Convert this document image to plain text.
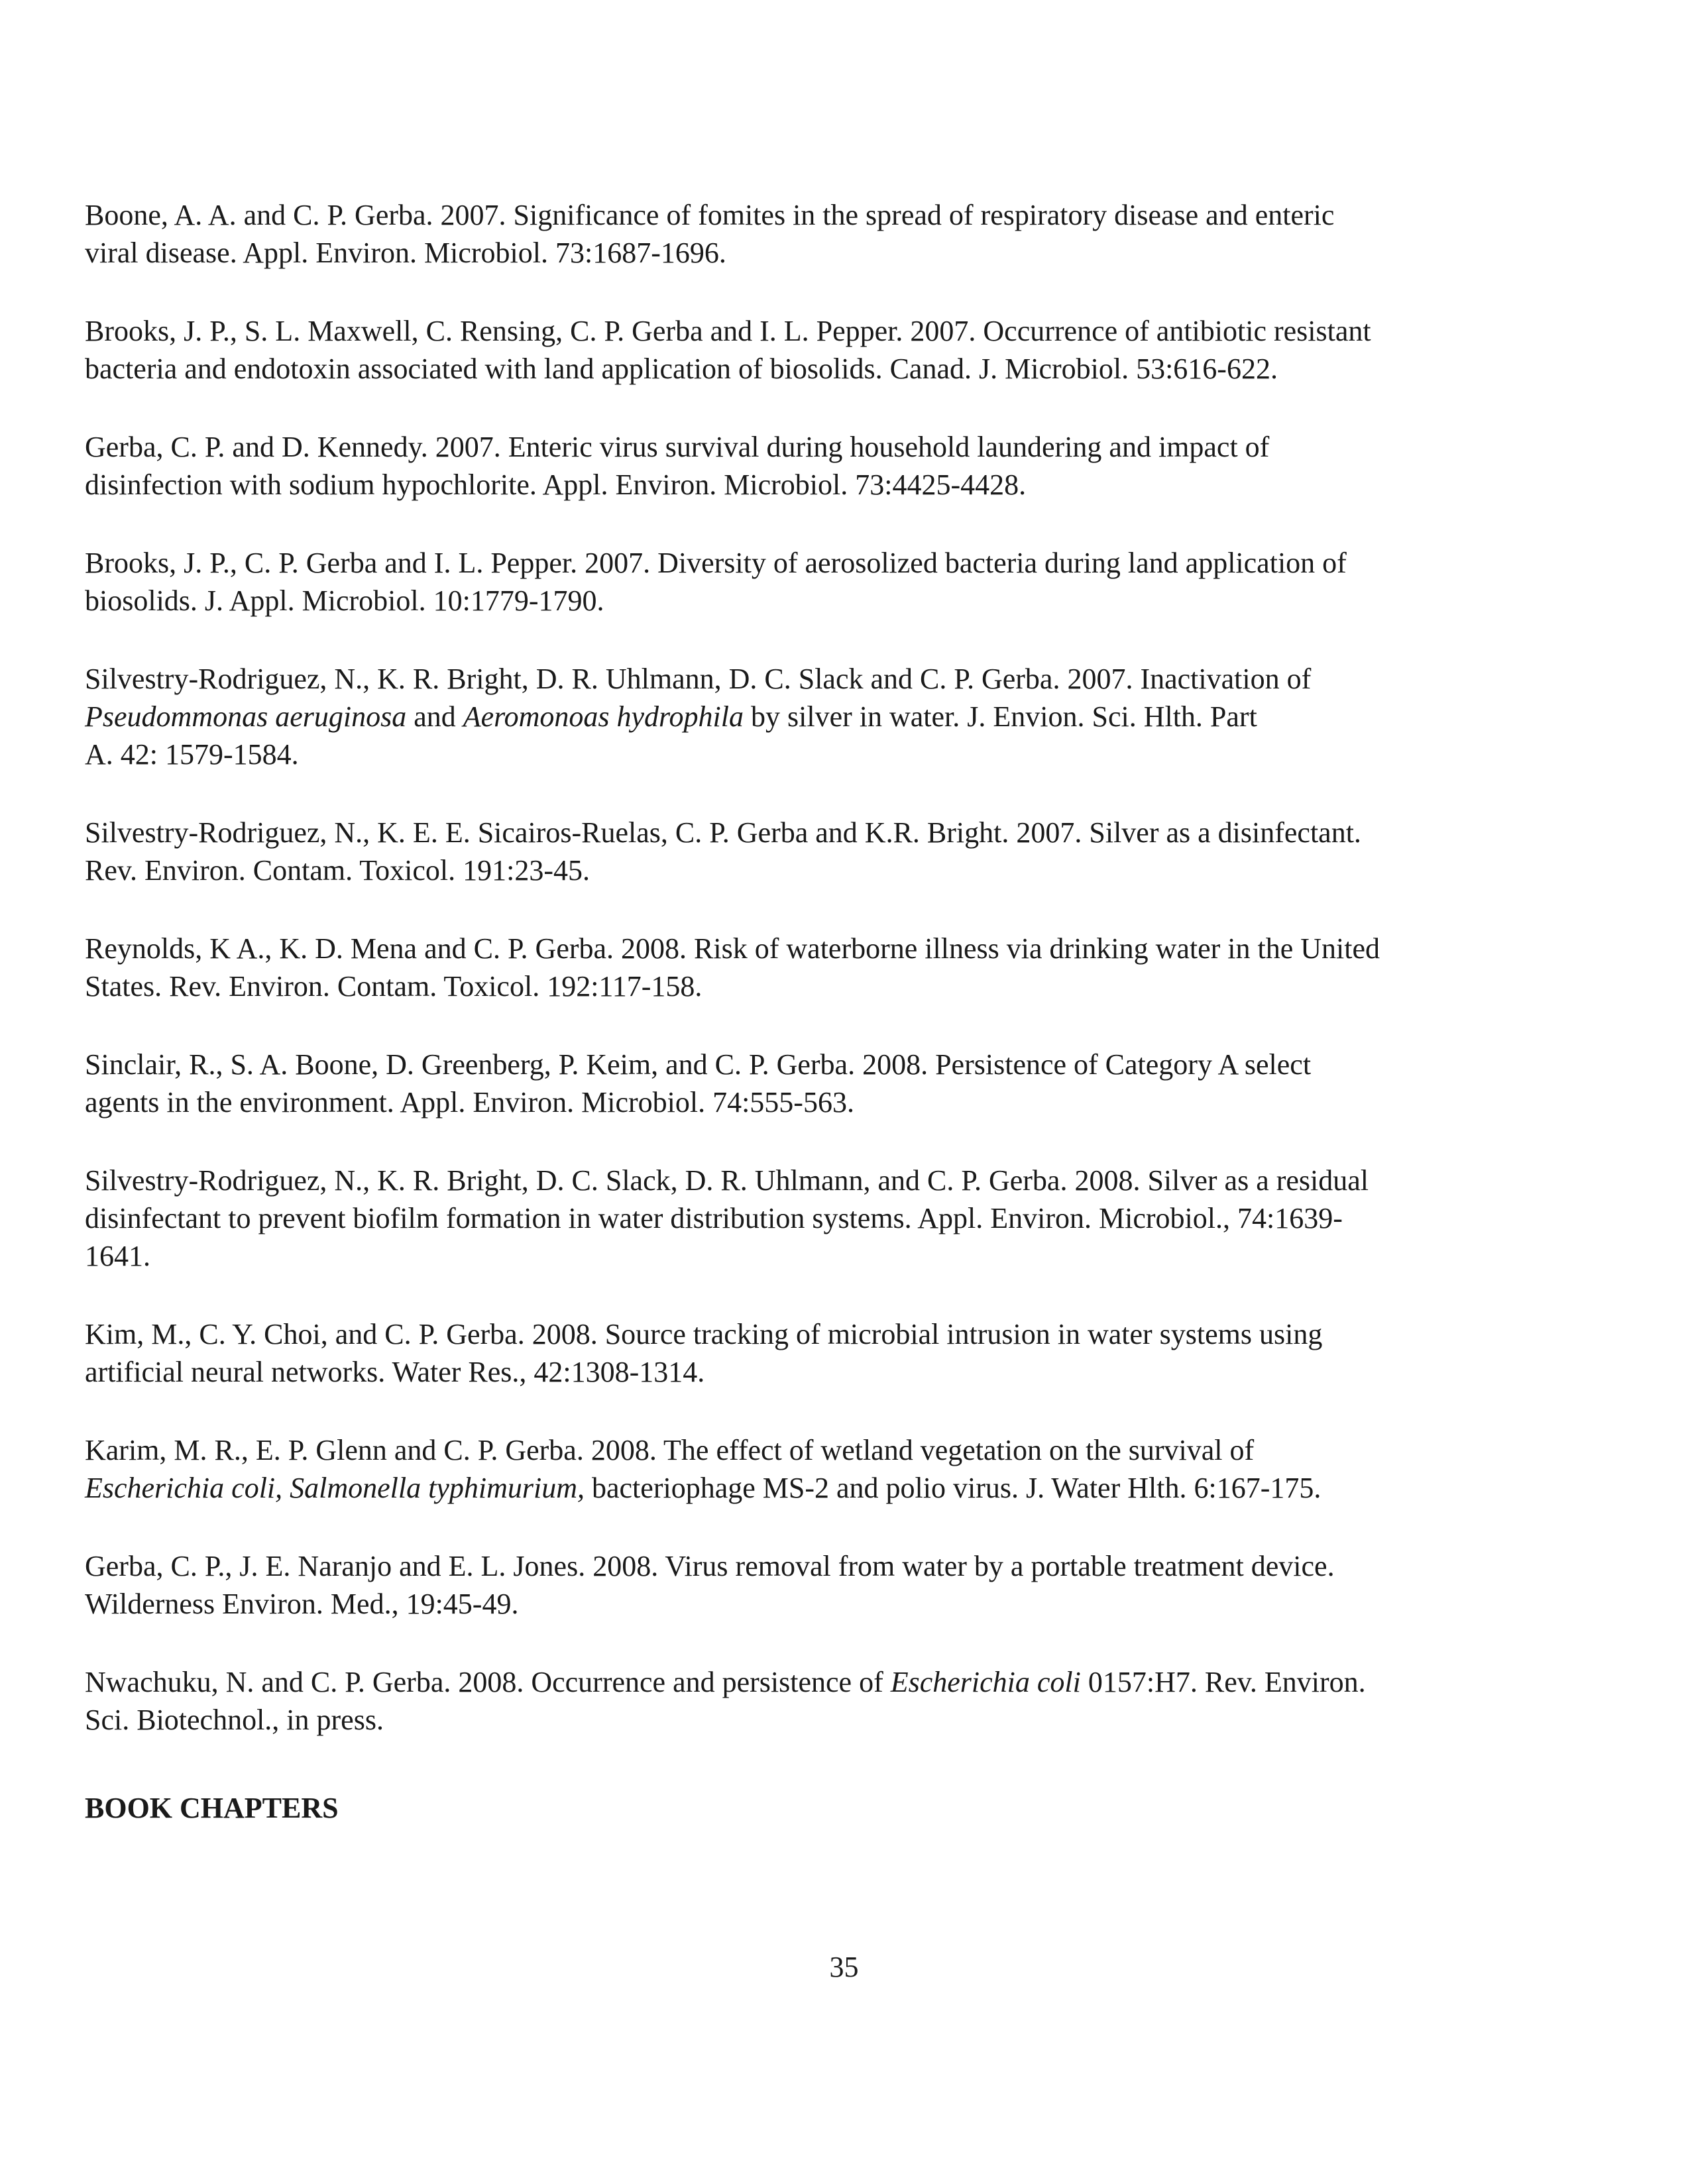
Boone, A. A. and C. P. Gerba. 2007. Significance of fomites in the spread of respiratory disease and enteric
viral disease. Appl. Environ. Microbiol. 73:1687-1696.
Brooks, J. P., S. L. Maxwell, C. Rensing, C. P. Gerba and I. L. Pepper. 2007. Occurrence of antibiotic resistant
bacteria and endotoxin associated with land application of biosolids. Canad. J. Microbiol. 53:616-622.
Gerba, C. P. and D. Kennedy. 2007. Enteric virus survival during household laundering and impact of
disinfection with sodium hypochlorite. Appl. Environ. Microbiol. 73:4425-4428.
Brooks, J. P., C. P. Gerba and I. L. Pepper. 2007. Diversity of aerosolized bacteria during land application of
biosolids. J. Appl. Microbiol. 10:1779-1790.
Silvestry-Rodriguez, N., K. R. Bright, D. R. Uhlmann, D. C. Slack and C. P. Gerba. 2007. Inactivation of
Pseudommonas aeruginosa and Aeromonoas hydrophila by silver in water. J. Envion. Sci. Hlth. Part
A. 42: 1579-1584.
Silvestry-Rodriguez, N., K. E. E. Sicairos-Ruelas, C. P. Gerba and K.R. Bright. 2007. Silver as a disinfectant.
Rev. Environ. Contam. Toxicol. 191:23-45.
Reynolds, K A., K. D. Mena and C. P. Gerba. 2008. Risk of waterborne illness via drinking water in the United
States. Rev. Environ. Contam. Toxicol. 192:117-158.
Sinclair, R., S. A. Boone, D. Greenberg, P. Keim, and C. P. Gerba. 2008. Persistence of Category A select
agents in the environment. Appl. Environ. Microbiol. 74:555-563.
Silvestry-Rodriguez, N., K. R. Bright, D. C. Slack, D. R. Uhlmann, and C. P. Gerba. 2008. Silver as a residual
disinfectant to prevent biofilm formation in water distribution systems. Appl. Environ. Microbiol., 74:1639-
1641.
Kim, M., C. Y. Choi, and C. P. Gerba. 2008. Source tracking of microbial intrusion in water systems using
artificial neural networks. Water Res., 42:1308-1314.
Karim, M. R., E. P. Glenn and C. P. Gerba. 2008. The effect of wetland vegetation on the survival of
Escherichia coli, Salmonella typhimurium, bacteriophage MS-2 and polio virus. J. Water Hlth. 6:167-175.
Gerba, C. P., J. E. Naranjo and E. L. Jones. 2008. Virus removal from water by a portable treatment device.
Wilderness Environ. Med., 19:45-49.
Nwachuku, N. and C. P. Gerba. 2008. Occurrence and persistence of Escherichia coli 0157:H7. Rev. Environ.
Sci. Biotechnol., in press.
BOOK CHAPTERS
35
